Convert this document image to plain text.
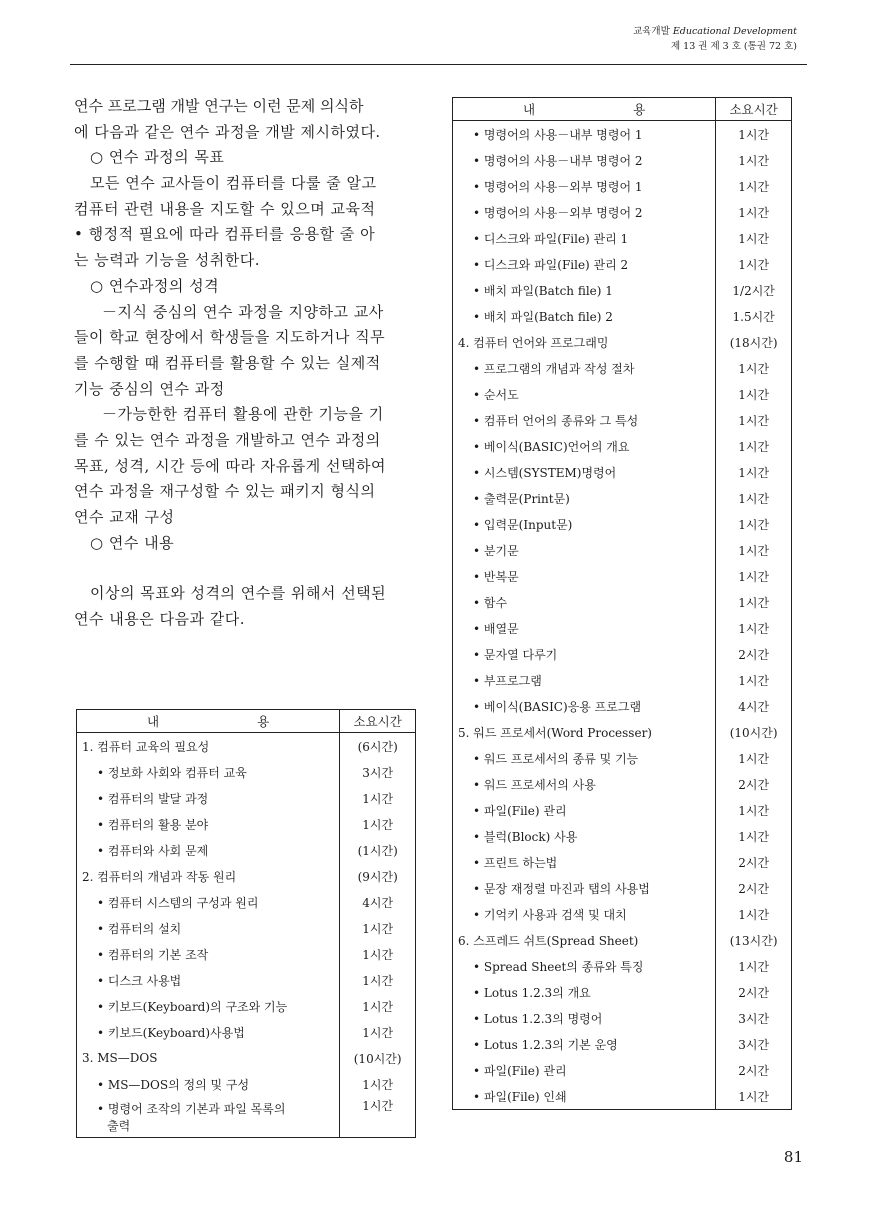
교육개발 Educational Development
제 13 권 제 3 호 (통권 72 호)
연수 프로그램 개발 연구는 이런 문제 의식하
에 다음과 같은 연수 과정을 개발 제시하였다.
○ 연수 과정의 목표
모든 연수 교사들이 컴퓨터를 다룰 줄 알고
컴퓨터 관련 내용을 지도할 수 있으며 교육적
• 행정적 필요에 따라 컴퓨터를 응용할 줄 아
는 능력과 기능을 성취한다.
○ 연수과정의 성격
－지식 중심의 연수 과정을 지양하고 교사
들이 학교 현장에서 학생들을 지도하거나 직무
를 수행할 때 컴퓨터를 활용할 수 있는 실제적
기능 중심의 연수 과정
－가능한한 컴퓨터 활용에 관한 기능을 기
를 수 있는 연수 과정을 개발하고 연수 과정의
목표, 성격, 시간 등에 따라 자유롭게 선택하여
연수 과정을 재구성할 수 있는 패키지 형식의
연수 교재 구성
○ 연수 내용
이상의 목표와 성격의 연수를 위해서 선택된
연수 내용은 다음과 같다.
내 용	소요시간
1. 컴퓨터 교육의 필요성	(6시간)
• 정보화 사회와 컴퓨터 교육	3시간
• 컴퓨터의 발달 과정	1시간
• 컴퓨터의 활용 분야	1시간
• 컴퓨터와 사회 문제	(1시간)
2. 컴퓨터의 개념과 작동 원리	(9시간)
• 컴퓨터 시스템의 구성과 원리	4시간
• 컴퓨터의 설치	1시간
• 컴퓨터의 기본 조작	1시간
• 디스크 사용법	1시간
• 키보드(Keyboard)의 구조와 기능	1시간
• 키보드(Keyboard)사용법	1시간
3. MS—DOS	(10시간)
• MS—DOS의 정의 및 구성	1시간
• 명령어 조작의 기본과 파일 목록의
출력	1시간
내 용	소요시간
• 명령어의 사용－내부 명령어 1	1시간
• 명령어의 사용－내부 명령어 2	1시간
• 명령어의 사용－외부 명령어 1	1시간
• 명령어의 사용－외부 명령어 2	1시간
• 디스크와 파일(File) 관리 1	1시간
• 디스크와 파일(File) 관리 2	1시간
• 배치 파일(Batch file) 1	1/2시간
• 배치 파일(Batch file) 2	1.5시간
4. 컴퓨터 언어와 프로그래밍	(18시간)
• 프로그램의 개념과 작성 절차	1시간
• 순서도	1시간
• 컴퓨터 언어의 종류와 그 특성	1시간
• 베이식(BASIC)언어의 개요	1시간
• 시스템(SYSTEM)명령어	1시간
• 출력문(Print문)	1시간
• 입력문(Input문)	1시간
• 분기문	1시간
• 반복문	1시간
• 함수	1시간
• 배열문	1시간
• 문자열 다루기	2시간
• 부프로그램	1시간
• 베이식(BASIC)응용 프로그램	4시간
5. 워드 프로세서(Word Processer)	(10시간)
• 워드 프로세서의 종류 및 기능	1시간
• 워드 프로세서의 사용	2시간
• 파일(File) 관리	1시간
• 블럭(Block) 사용	1시간
• 프린트 하는법	2시간
• 문장 재정렬 마진과 탭의 사용법	2시간
• 기억키 사용과 검색 및 대치	1시간
6. 스프레드 쉬트(Spread Sheet)	(13시간)
• Spread Sheet의 종류와 특징	1시간
• Lotus 1.2.3의 개요	2시간
• Lotus 1.2.3의 명령어	3시간
• Lotus 1.2.3의 기본 운영	3시간
• 파일(File) 관리	2시간
• 파일(File) 인쇄	1시간
81
